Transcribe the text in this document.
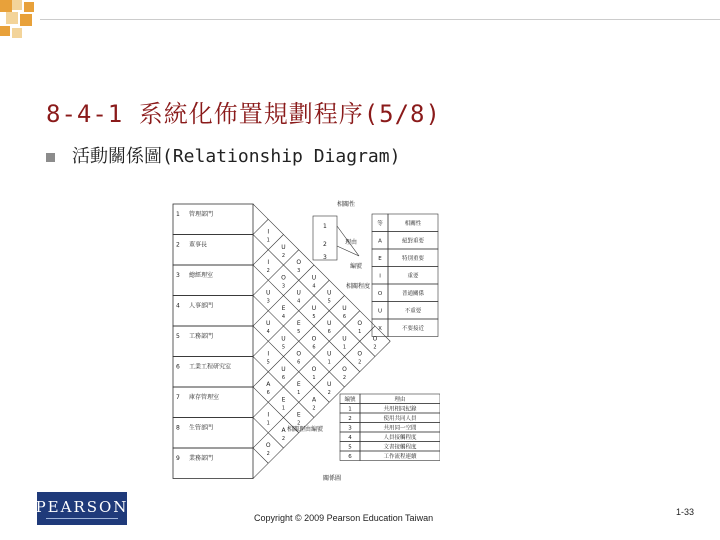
8-4-1 系統化佈置規劃程序(5/8)
活動關係圖(Relationship Diagram)
1 管理部門
2 董事長
3 總經理室
4 人事部門
5 工務部門
6 工業工程研究室
7 庫存管理室
8 生管部門
9 業務部門
I
1
U
2
O
3
U
4
U
5
U
6
O
1
O
2
I
2
O
3
U
4
U
5
U
6
U
1
O
2
U
3
E
4
E
5
O
6
U
1
O
2
U
4
U
5
O
6
O
1
U
2
I
5
U
6
E
1
A
2
A
6
E
1
E
2
I
1
A
2
O
2
1
2
3
相關性
理由
編號
相關程度
相關理由編號
關係圖
等	相關性
A	絕對重要
E	特別重要
I	重要
O	普通關係
U	不重要
X	不要接近
編號	理由
1	共用相同紀錄
2	使用共同人員
3	共用同一空間
4	人員接觸程度
5	文書接觸程度
6	工作流程連續
PEARSON
Copyright © 2009 Pearson Education Taiwan
1-33
